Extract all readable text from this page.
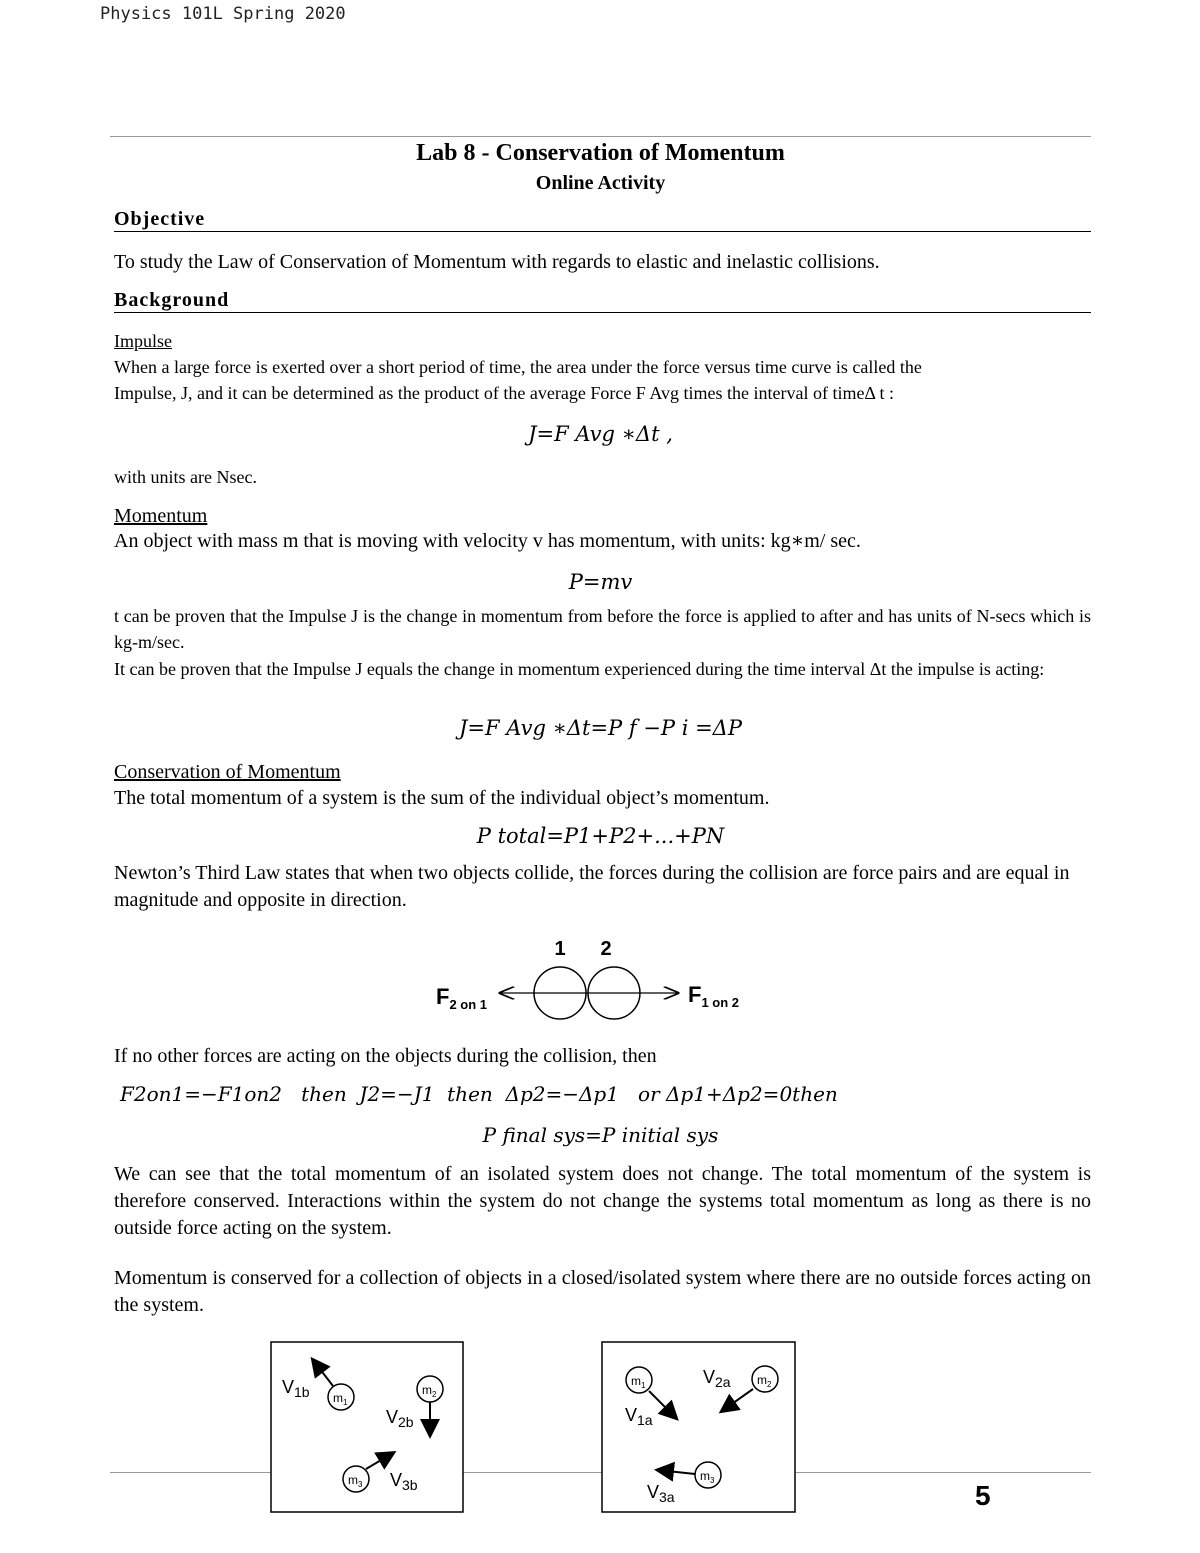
Physics 101L Spring 2020
Lab 8 - Conservation of Momentum
Online Activity
Objective
To study the Law of Conservation of Momentum with regards to elastic and inelastic collisions.
Background
Impulse
When a large force is exerted over a short period of time, the area under the force versus time curve is called the
Impulse, J, and it can be determined as the product of the average Force F Avg times the interval of timeΔ t :
J=F Avg ∗Δt ,
with units are Nsec.
Momentum
An object with mass m that is moving with velocity v has momentum, with units: kg∗m/ sec.
P=mv
t can be proven that the Impulse J is the change in momentum from before the force is applied to after and has units of N-secs which is kg-m/sec.
It can be proven that the Impulse J equals the change in momentum experienced during the time interval Δt the impulse is acting:
J=F Avg ∗Δt=P f −P i =ΔP
Conservation of Momentum
The total momentum of a system is the sum of the individual object’s momentum.
P total=P1+P2+...+PN
Newton’s Third Law states that when two objects collide, the forces during the collision are force pairs and are equal in magnitude and opposite in direction.
1 2
$F_{2 on 1}$	$F_{1 on 2}$
If no other forces are acting on the objects during the collision, then
F2on1=−F1on2   then  J2=−J1  then  Δp2=−Δp1   or Δp1+Δp2=0then
P final sys=P initial sys
We can see that the total momentum of an isolated system does not change. The total momentum of the system is therefore conserved. Interactions within the system do not change the systems total momentum as long as there is no outside force acting on the system.
Momentum is conserved for a collection of objects in a closed/isolated system where there are no outside forces acting on the system.
$m_1$
$V_{1b}$	$m_2$
$V_{2b}$
$m_3$ $V_{3b}$
$m_1$
$V_{1a}$
$m_2$
$V_{2a}$
$m_3$
$V_{3a}$	5
